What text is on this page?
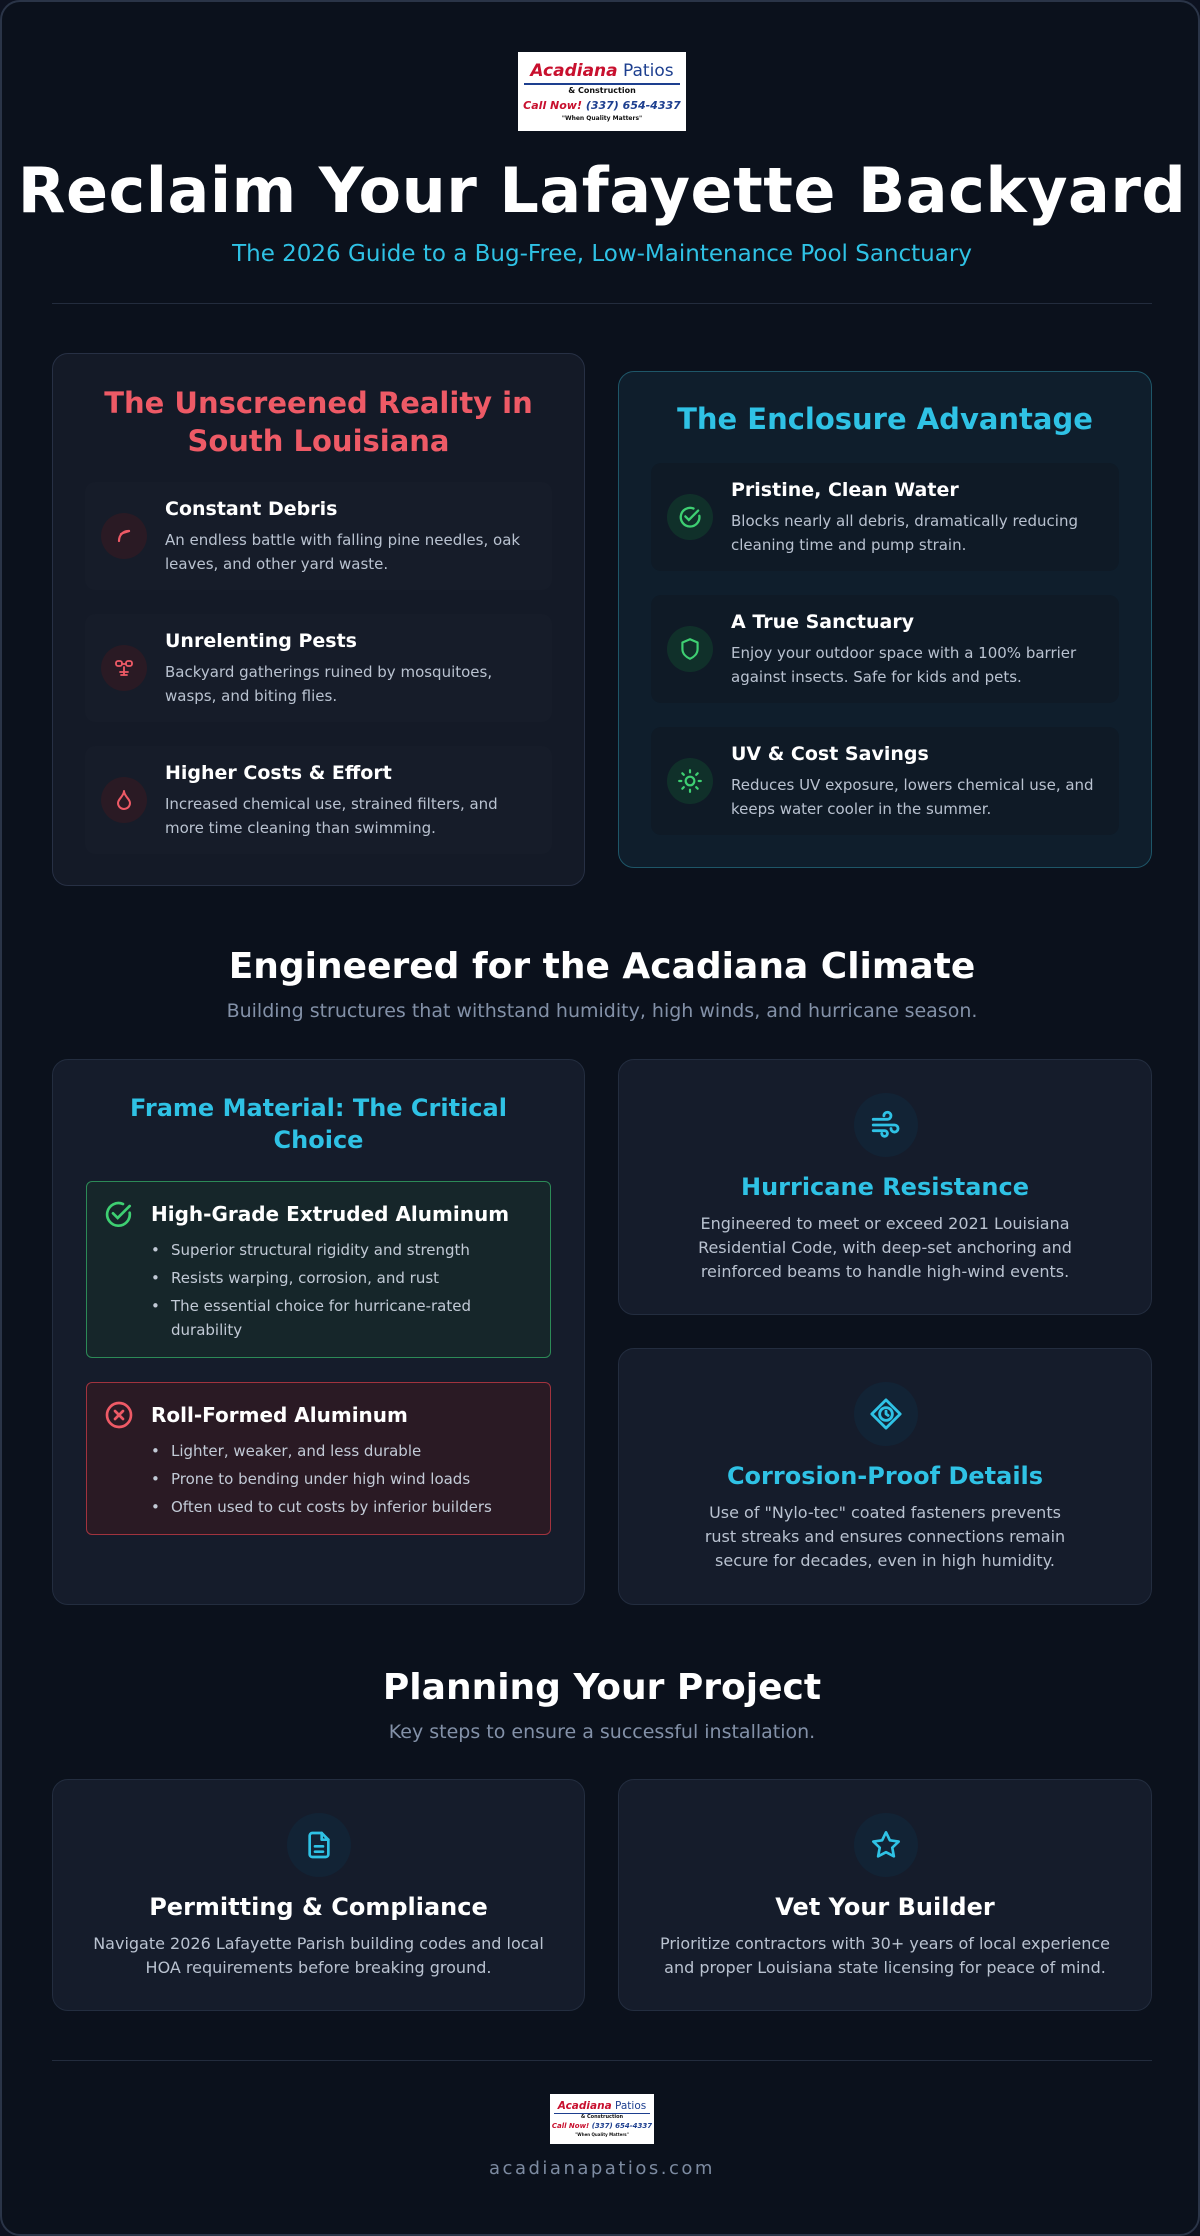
Acadiana Patios
& Construction
Call Now! (337) 654-4337
"When Quality Matters"
Reclaim Your Lafayette Backyard
The 2026 Guide to a Bug-Free, Low-Maintenance Pool Sanctuary
The Unscreened Reality in South Louisiana
Constant Debris
An endless battle with falling pine needles, oak leaves, and other yard waste.
Unrelenting Pests
Backyard gatherings ruined by mosquitoes, wasps, and biting flies.
Higher Costs & Effort
Increased chemical use, strained filters, and more time cleaning than swimming.
The Enclosure Advantage
Pristine, Clean Water
Blocks nearly all debris, dramatically reducing cleaning time and pump strain.
A True Sanctuary
Enjoy your outdoor space with a 100% barrier against insects. Safe for kids and pets.
UV & Cost Savings
Reduces UV exposure, lowers chemical use, and keeps water cooler in the summer.
Engineered for the Acadiana Climate
Building structures that withstand humidity, high winds, and hurricane season.
Frame Material: The Critical Choice
High-Grade Extruded Aluminum
• Superior structural rigidity and strength
• Resists warping, corrosion, and rust
• The essential choice for hurricane-rated durability
Roll-Formed Aluminum
• Lighter, weaker, and less durable
• Prone to bending under high wind loads
• Often used to cut costs by inferior builders
Hurricane Resistance
Engineered to meet or exceed 2021 Louisiana Residential Code, with deep-set anchoring and reinforced beams to handle high-wind events.
Corrosion-Proof Details
Use of "Nylo-tec" coated fasteners prevents rust streaks and ensures connections remain secure for decades, even in high humidity.
Planning Your Project
Key steps to ensure a successful installation.
Permitting & Compliance
Navigate 2026 Lafayette Parish building codes and local HOA requirements before breaking ground.
Vet Your Builder
Prioritize contractors with 30+ years of local experience and proper Louisiana state licensing for peace of mind.
Acadiana Patios
& Construction
Call Now! (337) 654-4337
"When Quality Matters"
acadianapatios.com
